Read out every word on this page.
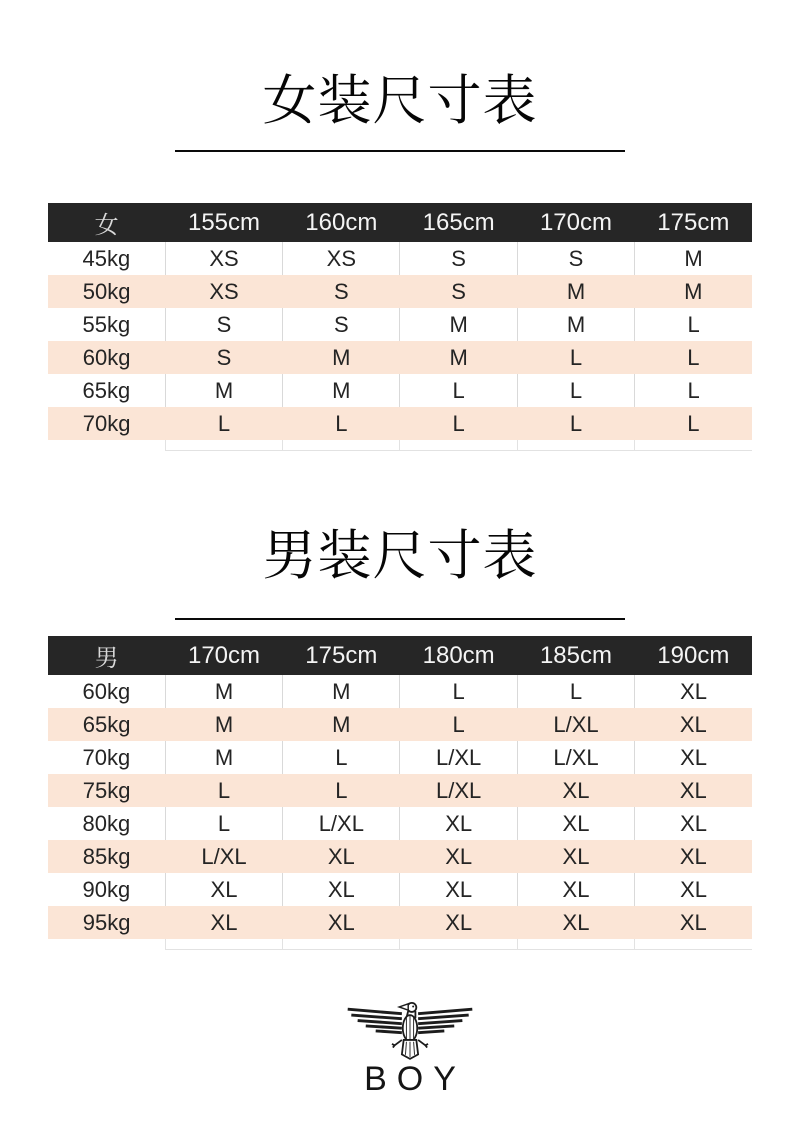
女装尺寸表
女	155cm	160cm	165cm	170cm	175cm
45kg	XS	XS	S	S	M
50kg	XS	S	S	M	M
55kg	S	S	M	M	L
60kg	S	M	M	L	L
65kg	M	M	L	L	L
70kg	L	L	L	L	L

男装尺寸表
男	170cm	175cm	180cm	185cm	190cm
60kg	M	M	L	L	XL
65kg	M	M	L	L/XL	XL
70kg	M	L	L/XL	L/XL	XL
75kg	L	L	L/XL	XL	XL
80kg	L	L/XL	XL	XL	XL
85kg	L/XL	XL	XL	XL	XL
90kg	XL	XL	XL	XL	XL
95kg	XL	XL	XL	XL	XL

BOY
